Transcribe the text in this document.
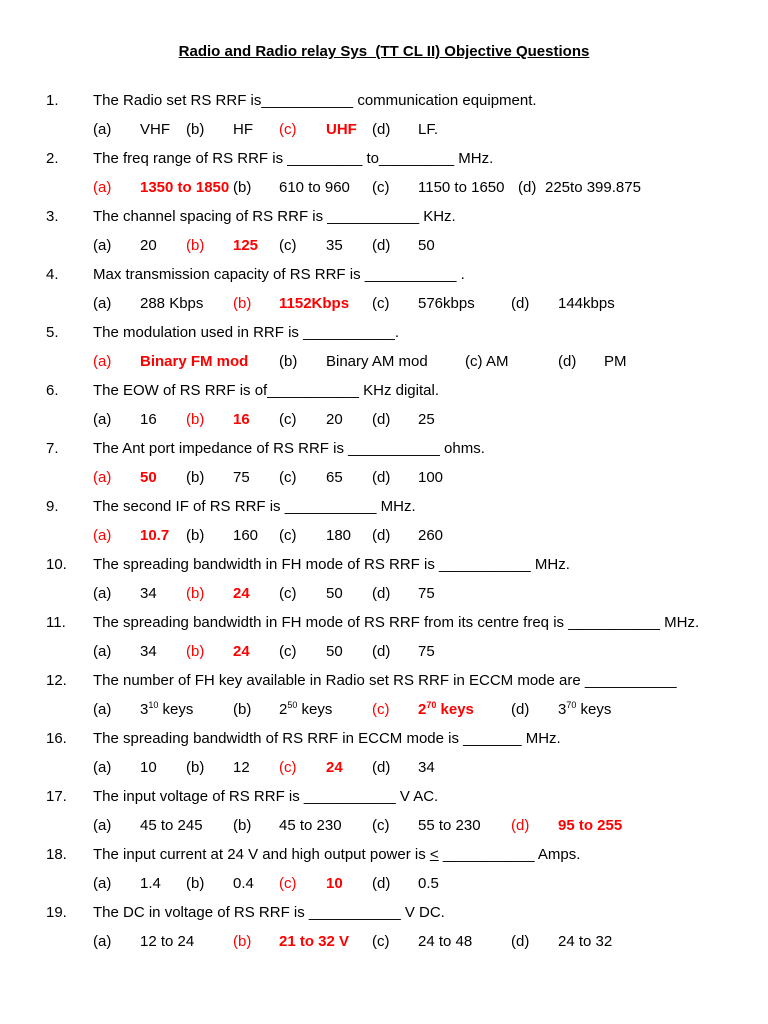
Radio and Radio relay Sys  (TT CL II) Objective Questions
1. The Radio set RS RRF is___________ communication equipment.
(a) VHF (b) HF (c) UHF (d) LF.
2. The freq range of RS RRF is _________ to_________ MHz.
(a) 1350 to 1850 (b) 610 to 960 (c) 1150 to 1650 (d) 225to 399.875
3. The channel spacing of RS RRF is ___________ KHz.
(a) 20 (b) 125 (c) 35 (d) 50
4. Max transmission capacity of RS RRF is ___________ .
(a) 288 Kbps (b) 1152Kbps (c) 576kbps (d) 144kbps
5. The modulation used in RRF is ___________.
(a) Binary FM mod (b) Binary AM mod (c) AM	(d) PM
6. The EOW of RS RRF is of___________ KHz digital.
(a) 16 (b) 16 (c) 20 (d) 25
7. The Ant port impedance of RS RRF is ___________ ohms.
(a) 50 (b) 75 (c) 65 (d) 100
9. The second IF of RS RRF is ___________ MHz.
(a) 10.7 (b) 160 (c) 180 (d) 260
10. The spreading bandwidth in FH mode of RS RRF is ___________ MHz.
(a) 34 (b) 24 (c) 50 (d) 75
11. The spreading bandwidth in FH mode of RS RRF from its centre freq is ___________ MHz.
(a) 34 (b) 24 (c) 50 (d) 75
12. The number of FH key available in Radio set RS RRF in ECCM mode are ___________
(a) $3^{10}$ keys	(b) $2^{50}$ keys	(c) $2^{70}$ keys (d) $3^{70}$ keys
16. The spreading bandwidth of RS RRF in ECCM mode is _______ MHz.
(a) 10 (b) 12 (c) 24 (d) 34
17. The input voltage of RS RRF is ___________ V AC.
(a) 45 to 245 (b) 45 to 230 (c) 55 to 230 (d) 95 to 255
18. The input current at 24 V and high output power is < ___________ Amps.
(a) 1.4 (b) 0.4 (c) 10 (d) 0.5
19. The DC in voltage of RS RRF is ___________ V DC.
(a) 12 to 24	(b) 21 to 32 V (c) 24 to 48	(d) 24 to 32
